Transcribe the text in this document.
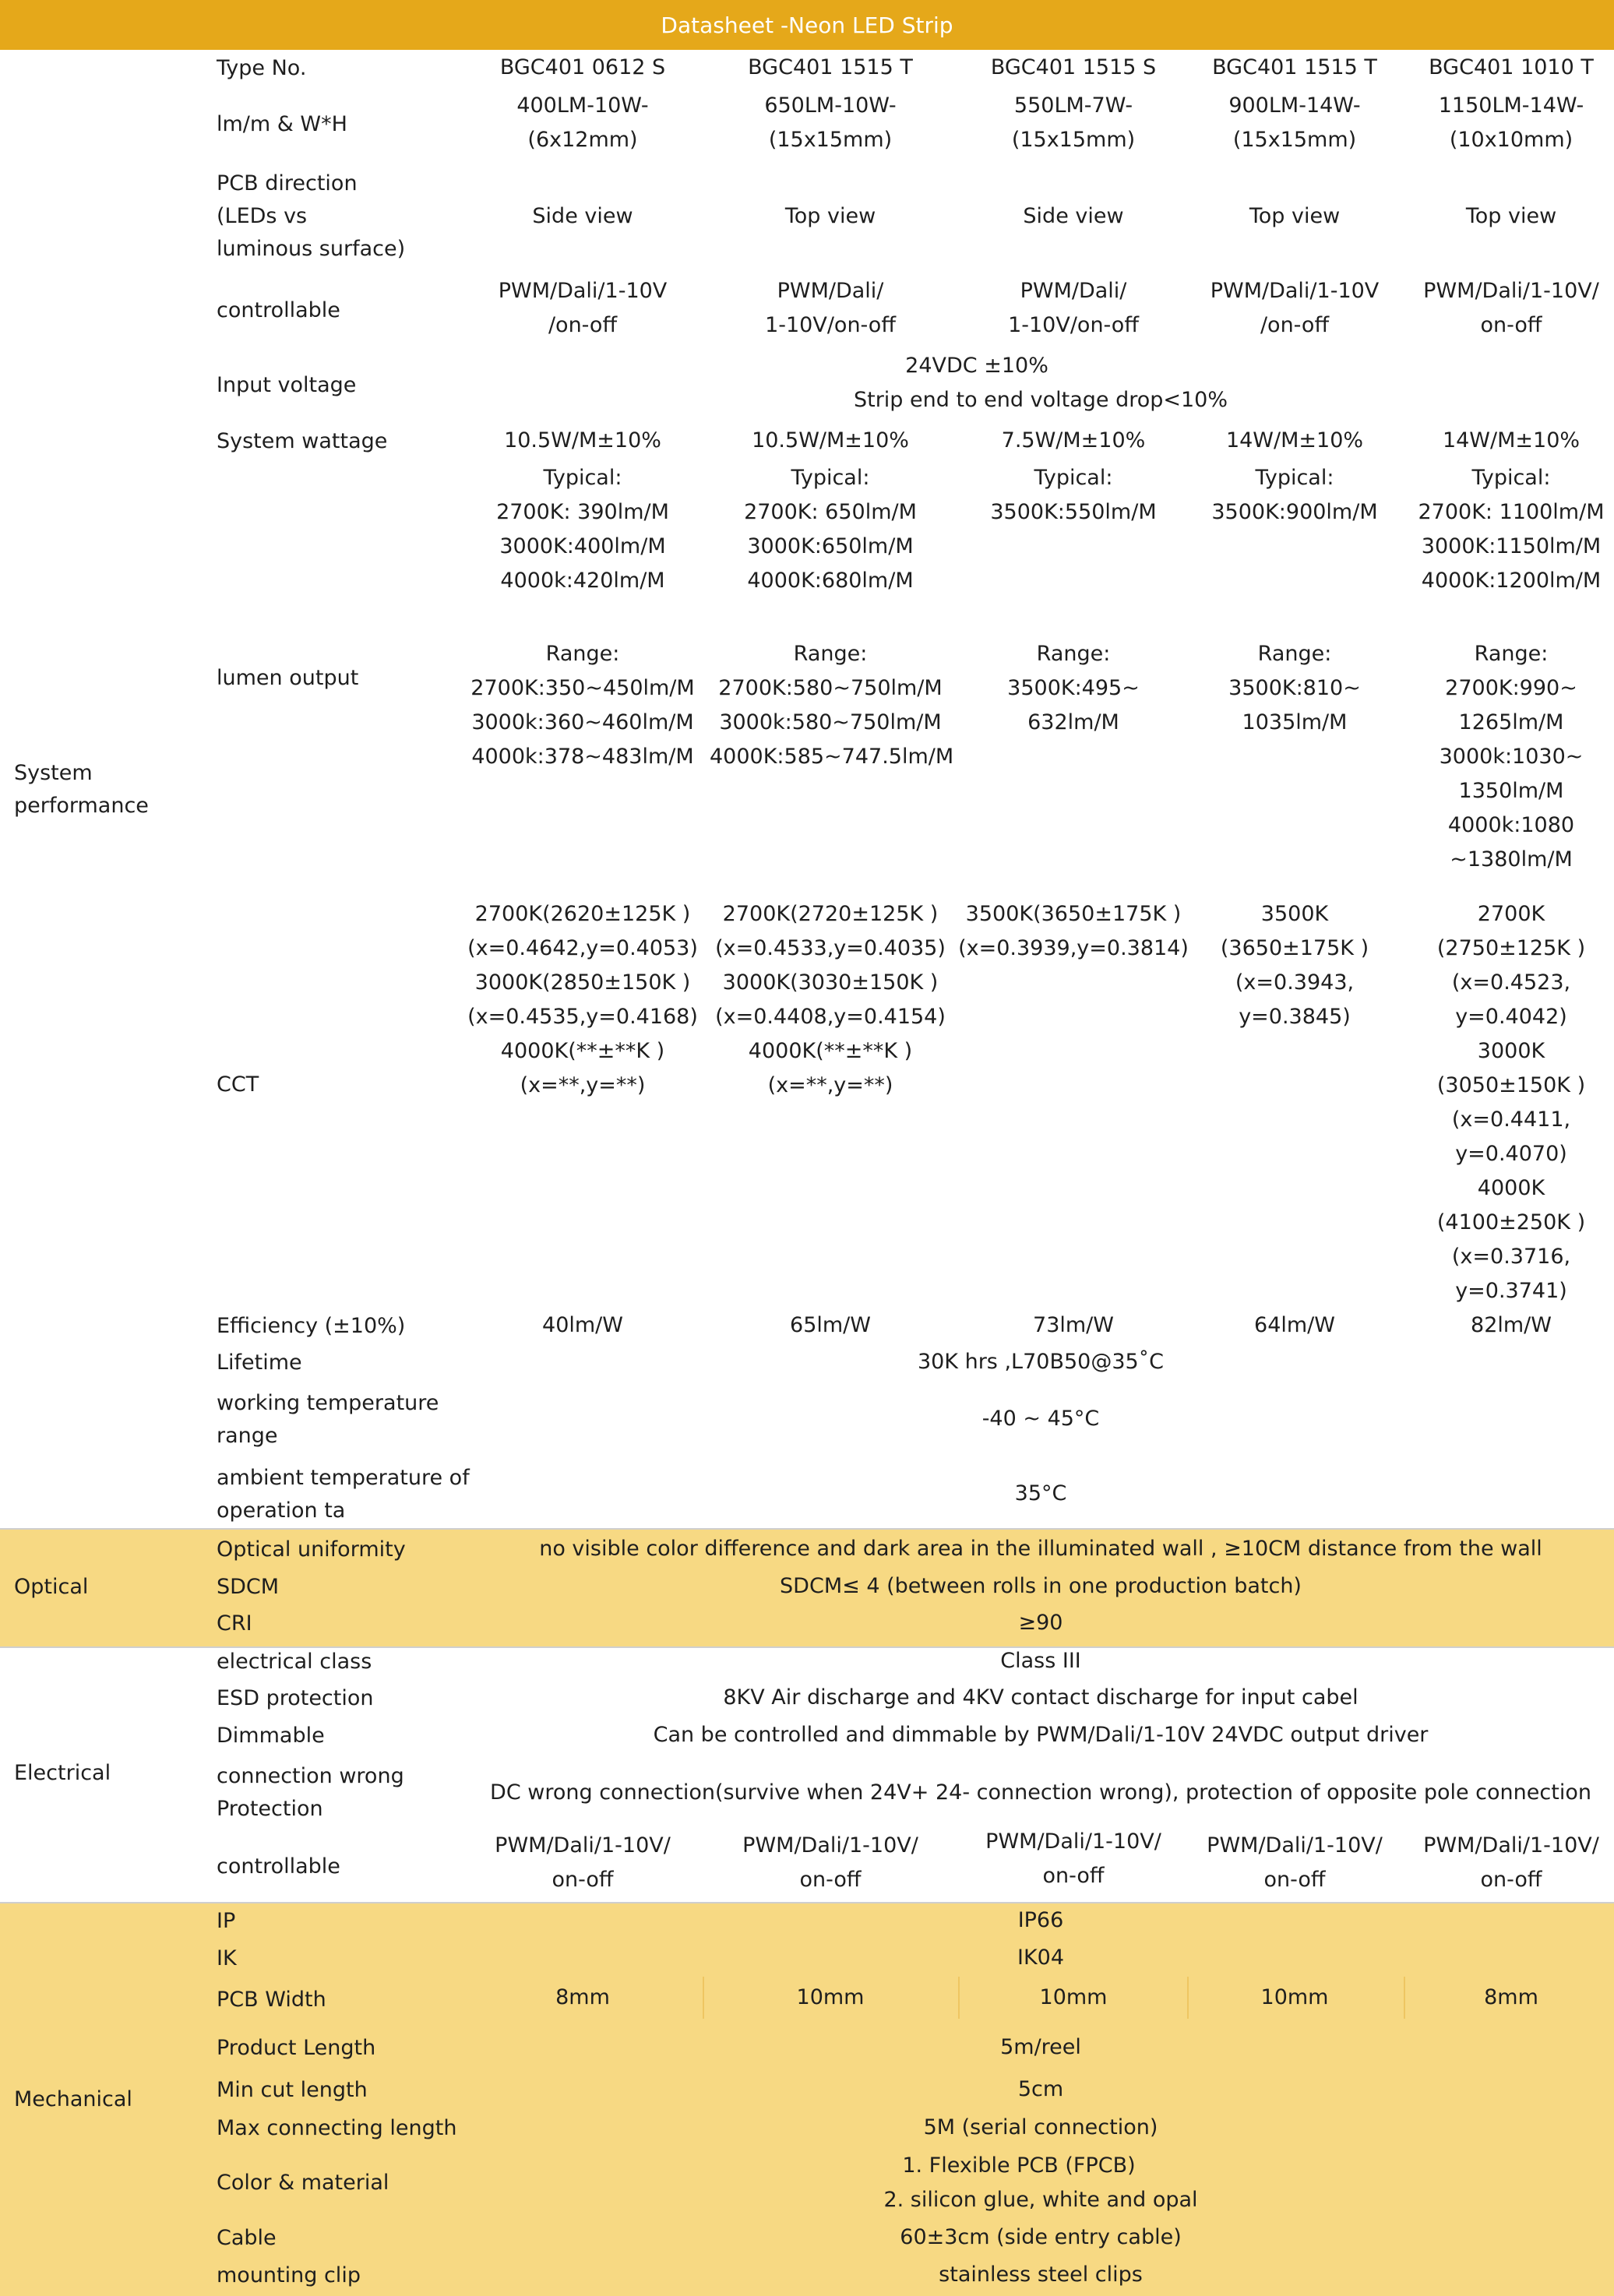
Datasheet -Neon LED Strip
System
performance
Optical
Electrical
Mechanical
Type No.
lm/m & W*H
PCB direction
(LEDs vs
luminous surface)
controllable
Input voltage
System wattage
lumen output
CCT
Efficiency (±10%)
Lifetime
working temperature
range
ambient temperature of
operation ta
Optical uniformity
SDCM
CRI
electrical class
ESD protection
Dimmable
connection wrong
Protection
controllable
IP
IK
PCB Width
Product Length
Min cut length
Max connecting length
Color & material
Cable
mounting clip
BGC401 0612 S
400LM-10W-
(6x12mm)
Side view
PWM/Dali/1-10V
/on-off
10.5W/M±10%
Typical:
2700K: 390lm/M
3000K:400lm/M
4000k:420lm/M
Range:
2700K:350~450lm/M
3000k:360~460lm/M
4000k:378~483lm/M
2700K(2620±125K )
(x=0.4642,y=0.4053)
3000K(2850±150K )
(x=0.4535,y=0.4168)
4000K(**±**K )
(x=**,y=**)
40lm/W
PWM/Dali/1-10V/
on-off
8mm
BGC401 1515 T
650LM-10W-
(15x15mm)
Top view
PWM/Dali/
1-10V/on-off
10.5W/M±10%
Typical:
2700K: 650lm/M
3000K:650lm/M
4000K:680lm/M
Range:
2700K:580~750lm/M
3000k:580~750lm/M
4000K:585~747.5lm/M
2700K(2720±125K )
(x=0.4533,y=0.4035)
3000K(3030±150K )
(x=0.4408,y=0.4154)
4000K(**±**K )
(x=**,y=**)
65lm/W
PWM/Dali/1-10V/
on-off
10mm
BGC401 1515 S
550LM-7W-
(15x15mm)
Side view
PWM/Dali/
1-10V/on-off
7.5W/M±10%
Typical:
3500K:550lm/M
Range:
3500K:495~
632lm/M
3500K(3650±175K )
(x=0.3939,y=0.3814)
73lm/W
PWM/Dali/1-10V/
on-off
10mm
BGC401 1515 T
900LM-14W-
(15x15mm)
Top view
PWM/Dali/1-10V
/on-off
14W/M±10%
Typical:
3500K:900lm/M
Range:
3500K:810~
1035lm/M
3500K
(3650±175K )
(x=0.3943,
y=0.3845)
64lm/W
PWM/Dali/1-10V/
on-off
10mm
BGC401 1010 T
1150LM-14W-
(10x10mm)
Top view
PWM/Dali/1-10V/
on-off
14W/M±10%
Typical:
2700K: 1100lm/M
3000K:1150lm/M
4000K:1200lm/M
Range:
2700K:990~
1265lm/M
3000k:1030~
1350lm/M
4000k:1080
~1380lm/M
2700K
(2750±125K )
(x=0.4523,
y=0.4042)
3000K
(3050±150K )
(x=0.4411,
y=0.4070)
4000K
(4100±250K )
(x=0.3716,
y=0.3741)
82lm/W
PWM/Dali/1-10V/
on-off
8mm
24VDC ±10%
Strip end to end voltage drop<10%
30K hrs ,L70B50@35˚C
-40 ~ 45°C
35°C
no visible color difference and dark area in the illuminated wall , ≥10CM distance from the wall
SDCM≤ 4 (between rolls in one production batch)
≥90
Class III
8KV Air discharge and 4KV contact discharge for input cabel
Can be controlled and dimmable by PWM/Dali/1-10V 24VDC output driver
DC wrong connection(survive when 24V+ 24- connection wrong), protection of opposite pole connection
IP66
IK04
5m/reel
5cm
5M (serial connection)
1. Flexible PCB (FPCB)
2. silicon glue, white and opal
60±3cm (side entry cable)
stainless steel clips
